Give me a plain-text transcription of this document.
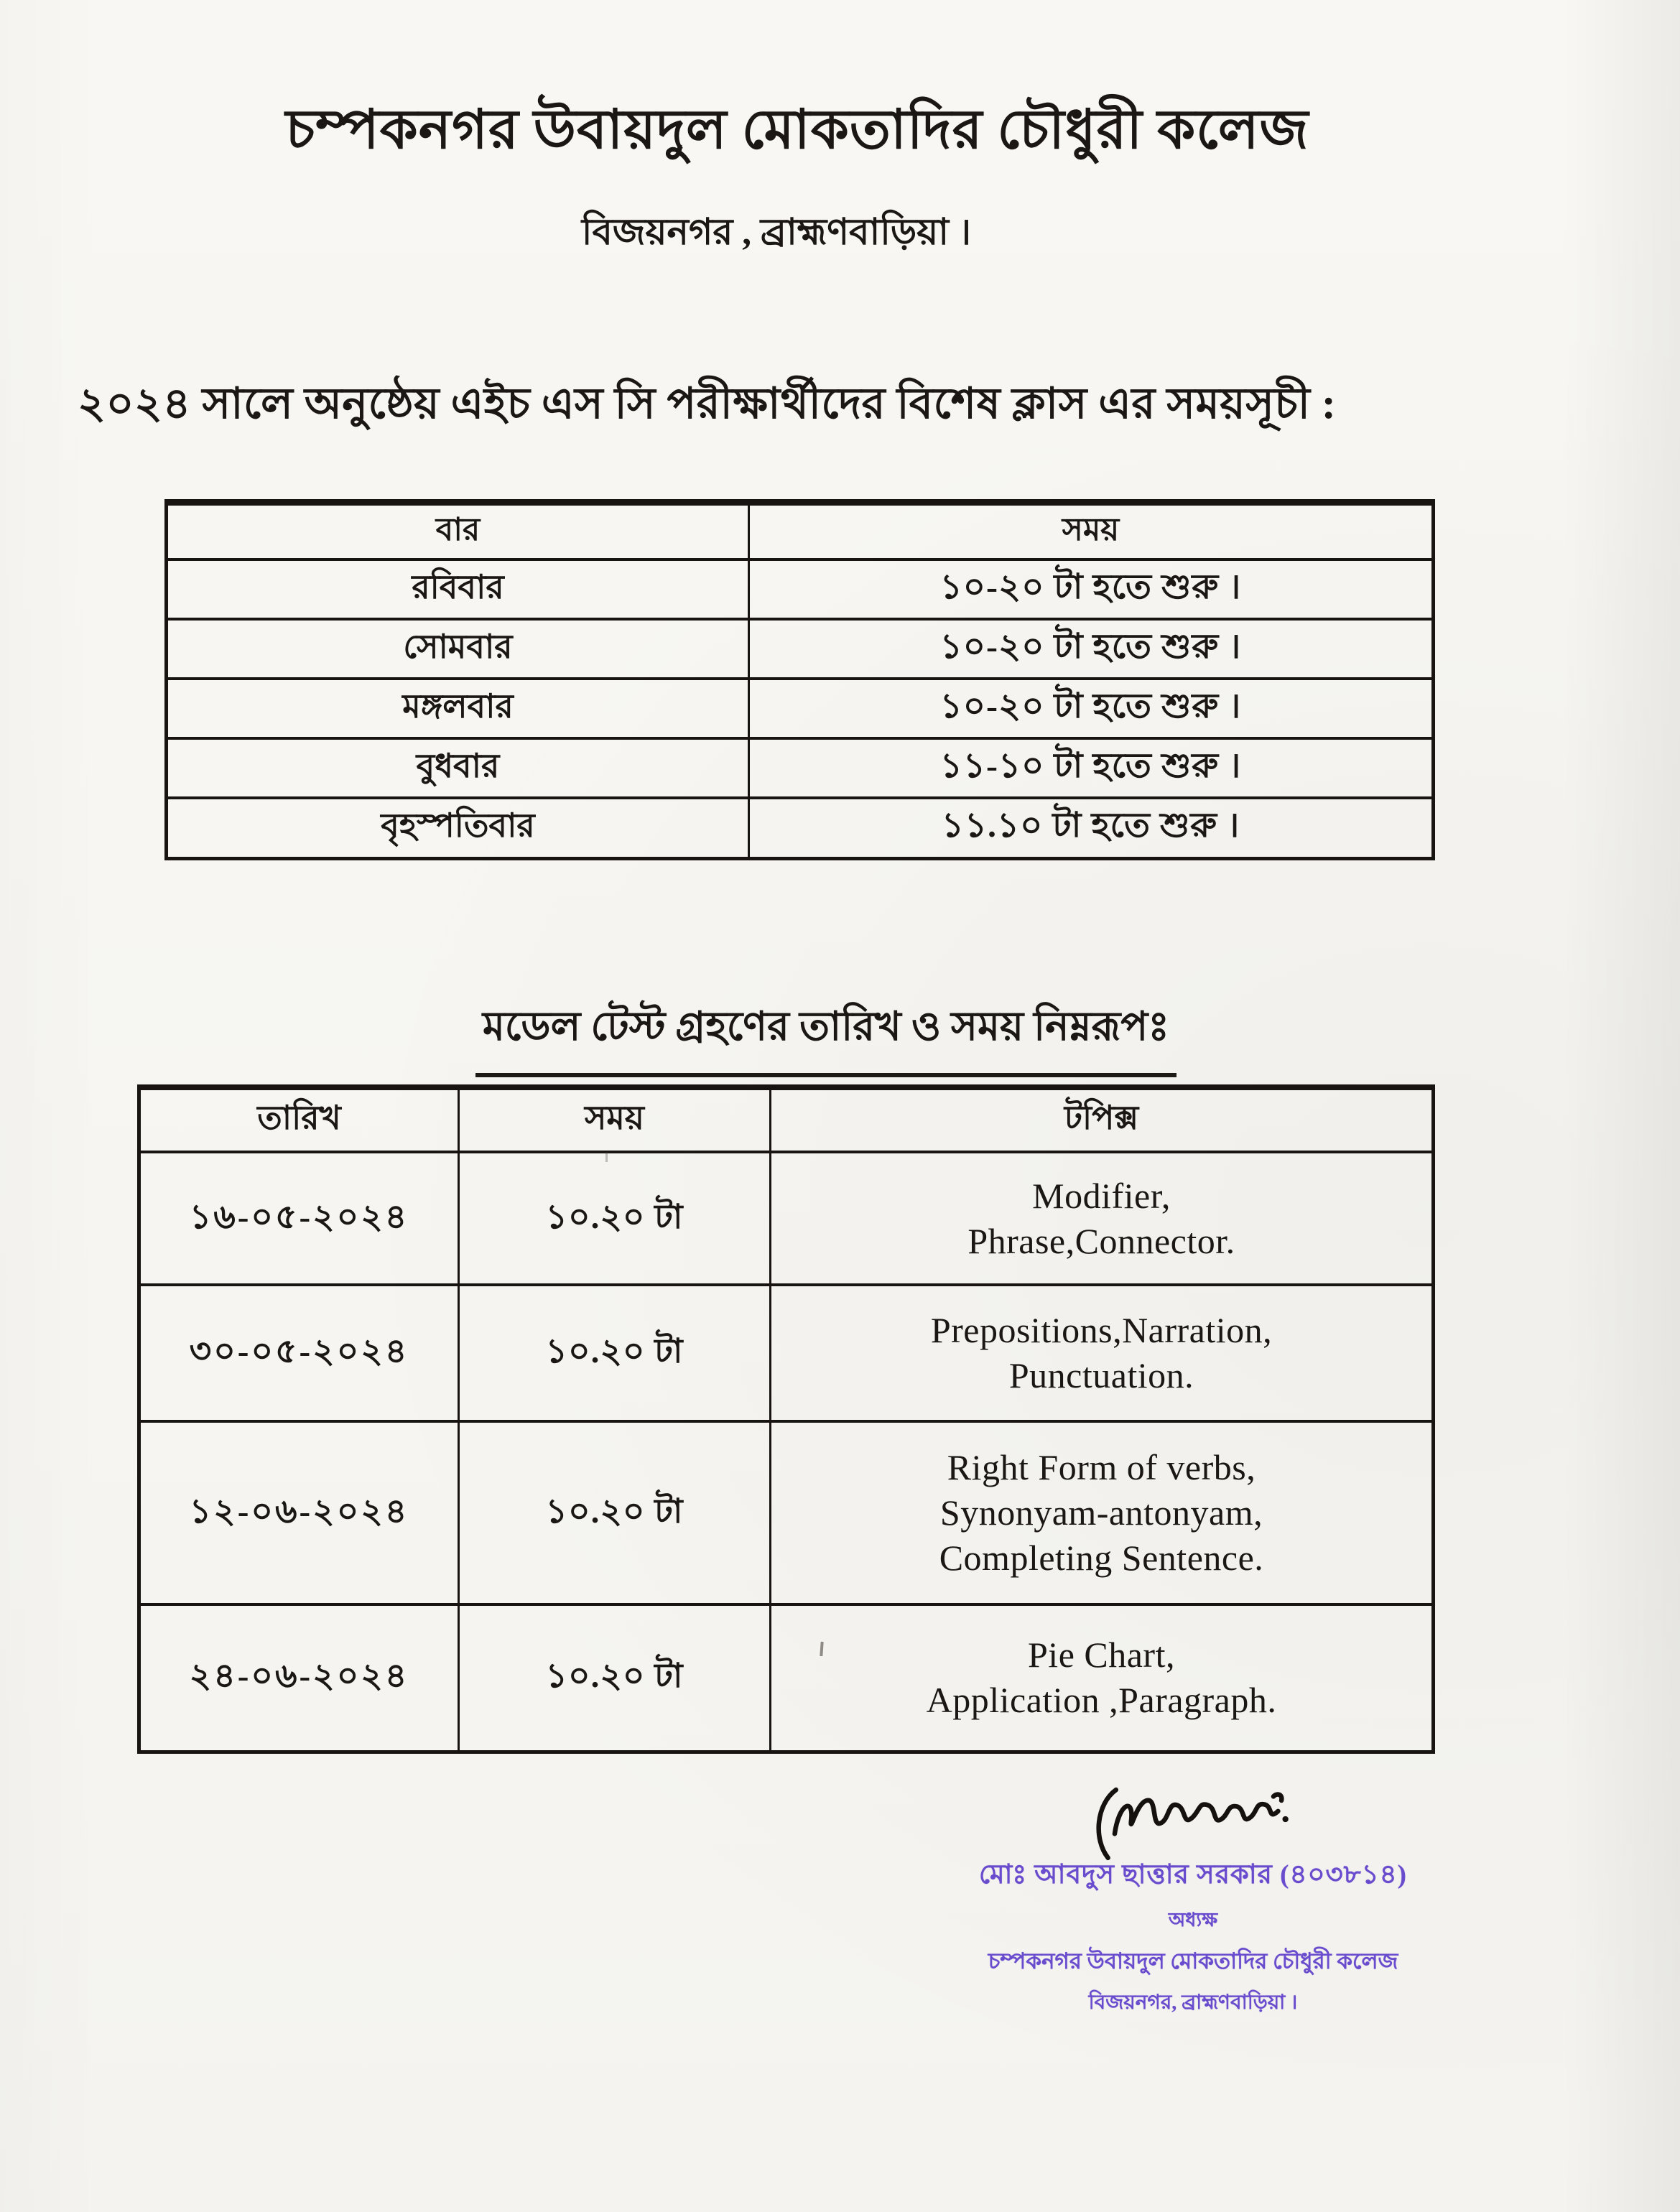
চম্পকনগর উবায়দুল মোকতাদির চৌধুরী কলেজ
বিজয়নগর , ব্রাহ্মণবাড়িয়া ।
২০২৪ সালে অনুষ্ঠেয় এইচ এস সি পরীক্ষার্থীদের বিশেষ ক্লাস এর সময়সূচী :
বার	সময়
রবিবার	১০-২০ টা হতে শুরু ।
সোমবার	১০-২০ টা হতে শুরু ।
মঙ্গলবার	১০-২০ টা হতে শুরু ।
বুধবার	১১-১০ টা হতে শুরু ।
বৃহস্পতিবার	১১.১০ টা হতে শুরু ।
মডেল টেস্ট গ্রহণের তারিখ ও সময় নিম্নরূপঃ
তারিখ	সময়	টপিক্স
১৬-০৫-২০২৪	১০.২০ টা	Modifier,
Phrase,Connector.

৩০-০৫-২০২৪	১০.২০ টা	Prepositions,Narration,
Punctuation.

১২-০৬-২০২৪	১০.২০ টা	Right Form of verbs,
Synonyam-antonyam,
Completing Sentence.

২৪-০৬-২০২৪	১০.২০ টা	Pie Chart,
Application ,Paragraph.
মোঃ আবদুস ছাত্তার সরকার (৪০৩৮১৪)
অধ্যক্ষ
চম্পকনগর উবায়দুল মোকতাদির চৌধুরী কলেজ
বিজয়নগর, ব্রাহ্মণবাড়িয়া ।
